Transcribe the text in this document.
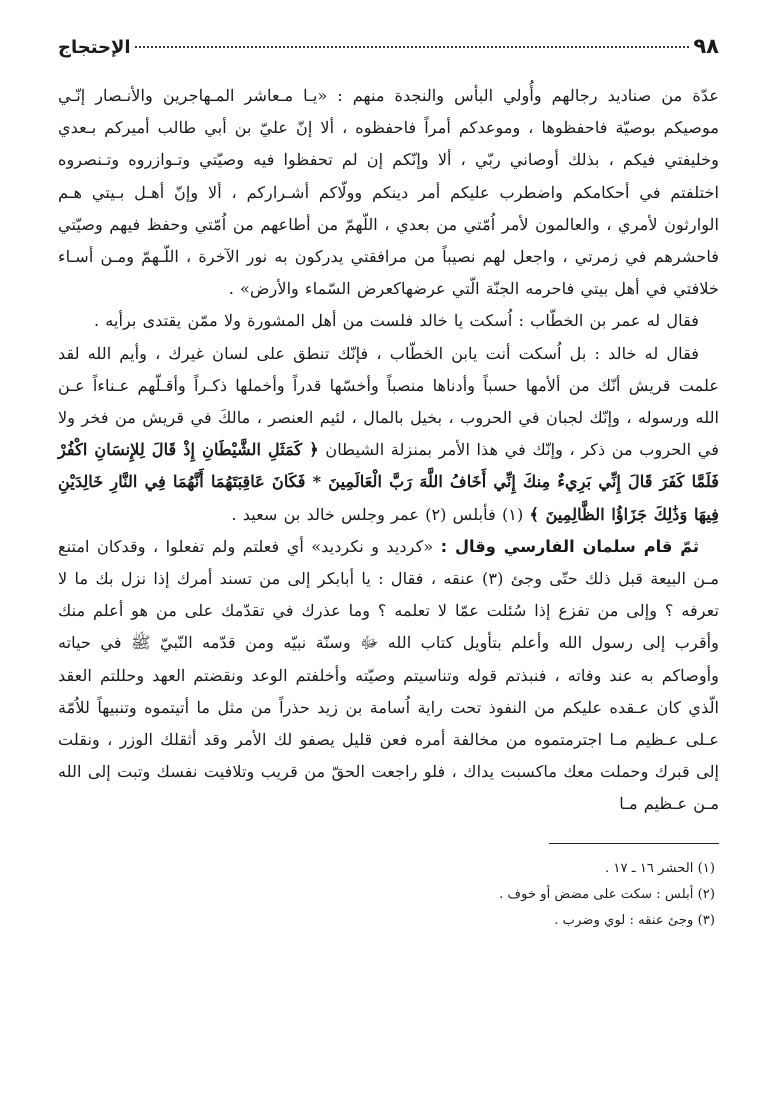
٩٨
الإحتجاج

عدّة من صناديد رجالهم وأُولي البأس والنجدة منهم : «يـا مـعاشر المـهاجرين والأنـصار إنّـي موصيكم بوصيّة فاحفظوها ، وموعدكم أمراً فاحفظوه ، ألا إنّ عليّ بن أبي طالب أميركم بـعدي وخليفتي فيكم ، بذلك أوصاني ربّي ، ألا وإنّكم إن لم تحفظوا فيه وصيّتي وتـوازروه وتـنصروه اختلفتم في أحكامكم واضطرب عليكم أمر دينكم وولّاكم أشـراركم ، ألا وإنّ أهـل بـيتي هـم الوارثون لأمري ، والعالمون لأمر اُمّتي من بعدي ، اللّهمّ من أطاعهم من اُمّتي وحفظ فيهم وصيّتي فاحشرهم في زمرتي ، واجعل لهم نصيباً من مرافقتي يدركون به نور الآخرة ، اللّـهمّ ومـن أسـاء خلافتي في أهل بيتي فاحرمه الجنّة الّتي عرضهاكعرض السّماء والأرض» .

فقال له عمر بن الخطّاب : اُسكت يا خالد فلست من أهل المشورة ولا ممّن يقتدى برأيه .

فقال له خالد : بل اُسكت أنت يابن الخطّاب ، فإنّك تنطق على لسان غيرك ، وأيم الله لقد علمت قريش أنّك من ألأمها حسباً وأدناها منصباً وأخسّها قدراً وأخملها ذكـراً وأقـلّهم عـناءاً عـن الله ورسوله ، وإنّك لجبان في الحروب ، بخيل بالمال ، لئيم العنصر ، مالكَ في قريش من فخر ولا في الحروب من ذكر ، وإنّك في هذا الأمر بمنزلة الشيطان ﴿ كَمَثَلِ الشَّيْطَانِ إِذْ قَالَ لِلإِنسَانِ اكْفُرْ فَلَمَّا كَفَرَ قَالَ إِنِّي بَرِيءٌ مِنكَ إِنِّي أَخَافُ اللَّهَ رَبَّ الْعَالَمِينَ * فَكَانَ عَاقِبَتَهُمَا أَنَّهُمَا فِي النَّارِ خَالِدَيْنِ فِيهَا وَذَٰلِكَ جَزَاؤُا الظَّالِمِينَ ﴾ (١) فأبلس (٢) عمر وجلس خالد بن سعيد .

ثمّ قام سلمان الفارسي وقال : «كرديد و نكرديد» أي فعلتم ولم تفعلوا ، وقدكان امتنع مـن البيعة قبل ذلك حتّى وجئ (٣) عنقه ، فقال : يا أبابكر إلى من تسند أمرك إذا نزل بك ما لا تعرفه ؟ وإلى من تفزع إذا سُئلت عمّا لا تعلمه ؟ وما عذرك في تقدّمك على من هو أعلم منك وأقرب إلى رسول الله وأعلم بتأويل كتاب الله ﷻ وسنّة نبيّه ومن قدّمه النّبيّ ﷺ في حياته وأوصاكم به عند وفاته ، فنبذتم قوله وتناسيتم وصيّته وأخلفتم الوعد ونقضتم العهد وحللتم العقد الّذي كان عـقده عليكم من النفوذ تحت راية اُسامة بن زيد حذراً من مثل ما أتيتموه وتنبيهاً للاُمّة عـلى عـظيم مـا اجترمتموه من مخالفة أمره فعن قليل يصفو لك الأمر وقد أثقلك الوزر ، ونقلت إلى قبرك وحملت معك ماكسبت يداك ، فلو راجعت الحقّ من قريب وتلافيت نفسك وتبت إلى الله مـن عـظيم مـا

(١) الحشر ١٦ ـ ١٧ .

(٢) أبلس : سكت على مضض أو خوف .

(٣) وجئ عنقه : لوي وضرب .
